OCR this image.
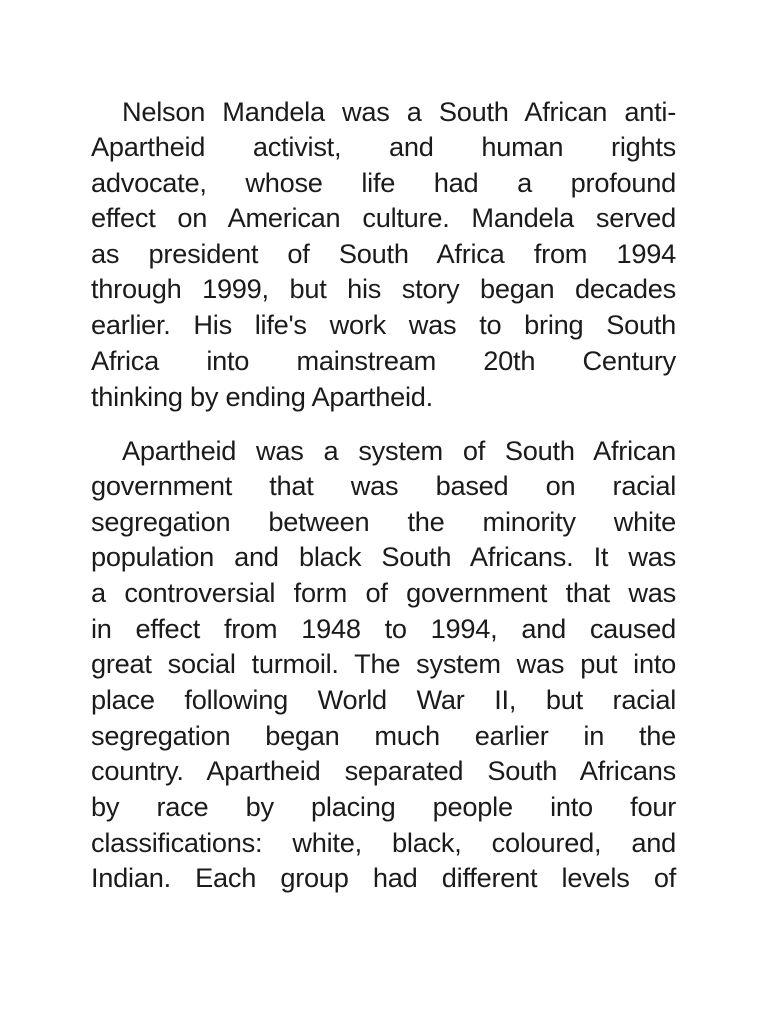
Nelson Mandela was a South African anti-
Apartheid activist, and human rights
advocate, whose life had a profound
effect on American culture. Mandela served
as president of South Africa from 1994
through 1999, but his story began decades
earlier. His life's work was to bring South
Africa into mainstream 20th Century
thinking by ending Apartheid.
Apartheid was a system of South African
government that was based on racial
segregation between the minority white
population and black South Africans. It was
a controversial form of government that was
in effect from 1948 to 1994, and caused
great social turmoil. The system was put into
place following World War II, but racial
segregation began much earlier in the
country. Apartheid separated South Africans
by race by placing people into four
classifications: white, black, coloured, and
Indian. Each group had different levels of
